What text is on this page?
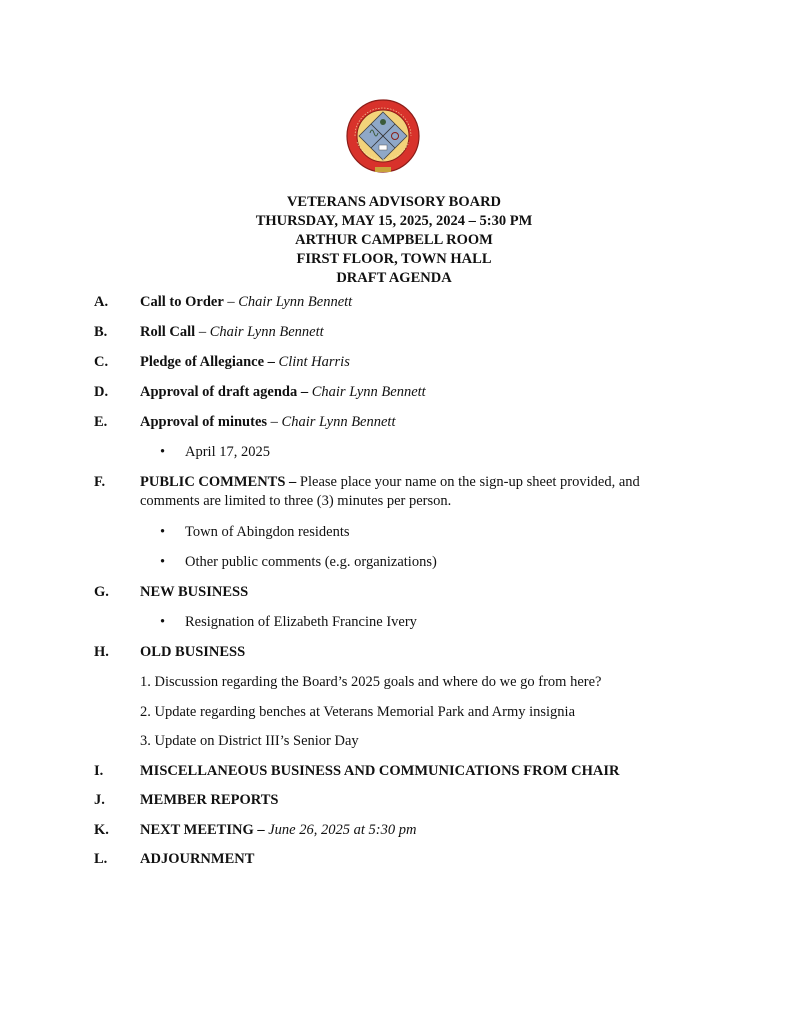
VETERANS ADVISORY BOARD
THURSDAY, MAY 15, 2025, 2024 – 5:30 PM
ARTHUR CAMPBELL ROOM
FIRST FLOOR, TOWN HALL
DRAFT AGENDA
A. Call to Order – Chair Lynn Bennett
B. Roll Call – Chair Lynn Bennett
C. Pledge of Allegiance – Clint Harris
D. Approval of draft agenda – Chair Lynn Bennett
E. Approval of minutes – Chair Lynn Bennett
• April 17, 2025
F. PUBLIC COMMENTS – Please place your name on the sign-up sheet provided, and
comments are limited to three (3) minutes per person.
• Town of Abingdon residents
• Other public comments (e.g. organizations)
G. NEW BUSINESS
• Resignation of Elizabeth Francine Ivery
H. OLD BUSINESS
1. Discussion regarding the Board’s 2025 goals and where do we go from here?
2. Update regarding benches at Veterans Memorial Park and Army insignia
3. Update on District III’s Senior Day
I.	MISCELLANEOUS BUSINESS AND COMMUNICATIONS FROM CHAIR
J. MEMBER REPORTS
K. NEXT MEETING – June 26, 2025 at 5:30 pm
L. ADJOURNMENT
